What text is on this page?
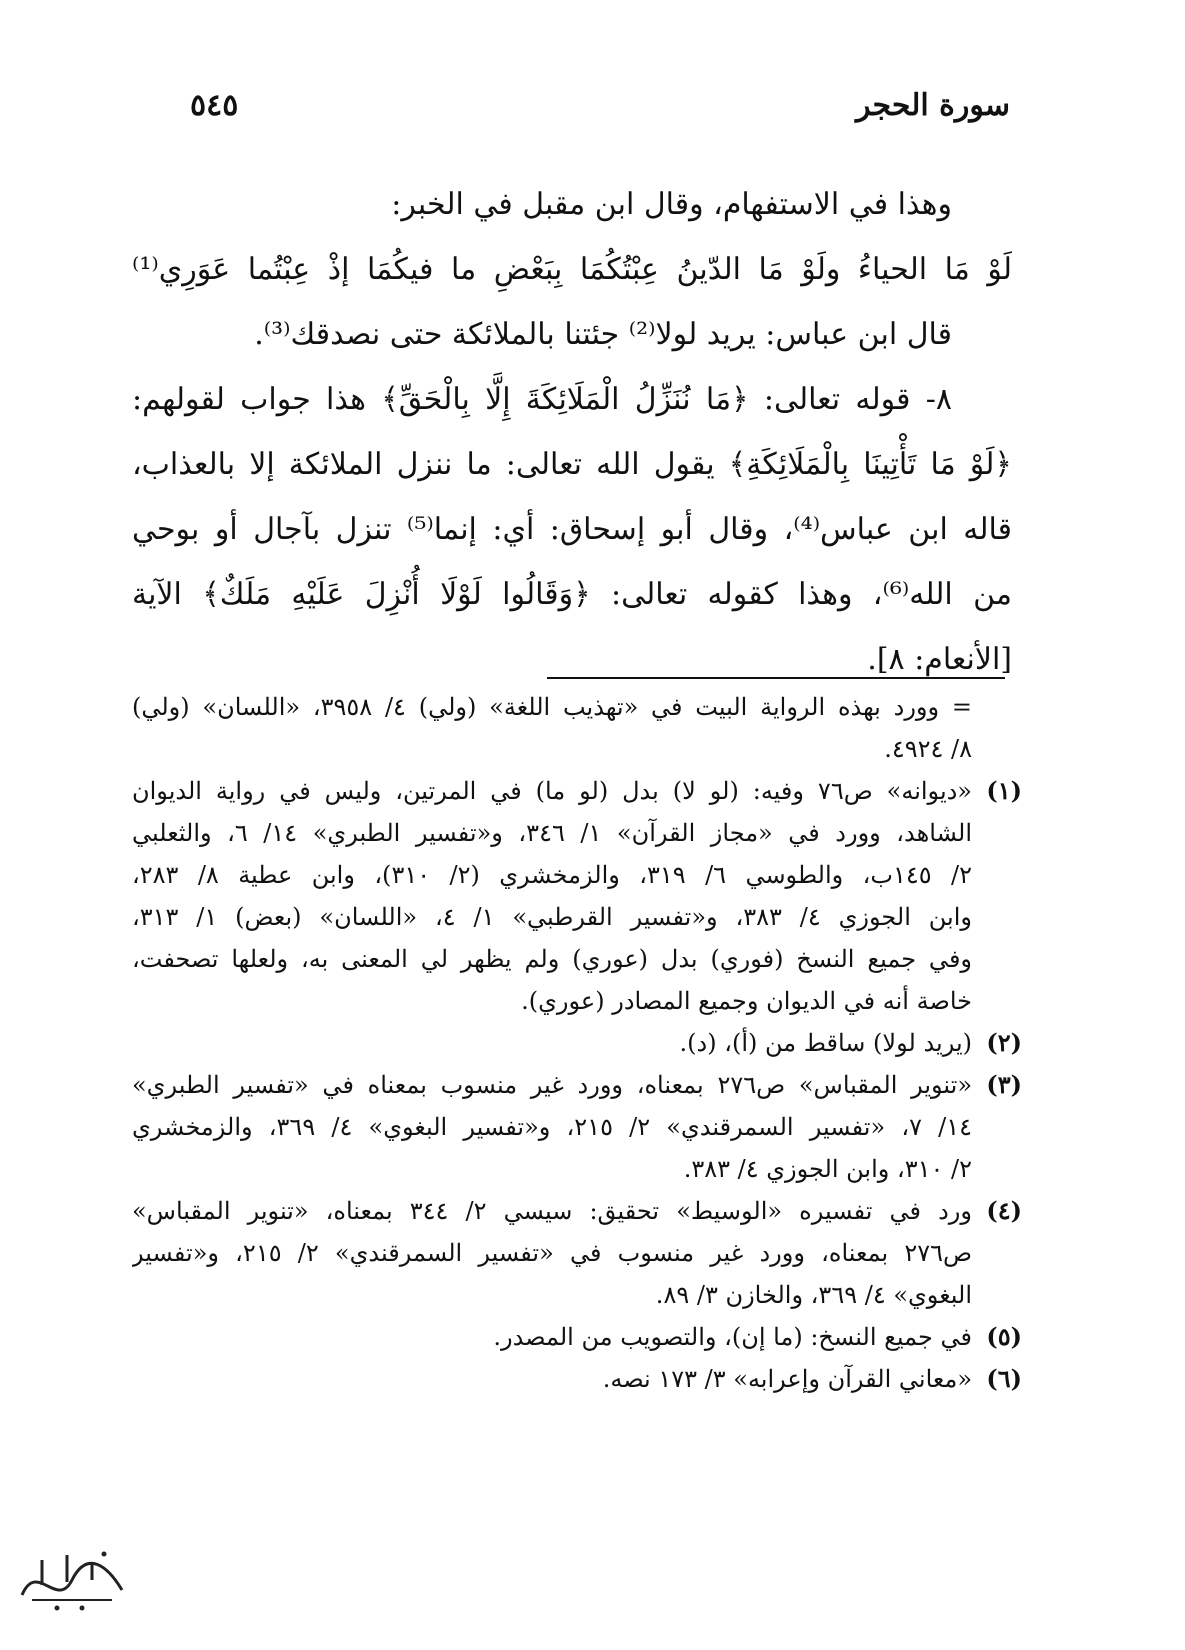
سورة الحجر
٥٤٥
وهذا في الاستفهام، وقال ابن مقبل في الخبر:
لَوْ مَا الحياءُ ولَوْ مَا الدّينُ عِبْتُكُمَا بِبَعْضِ ما فيكُمَا إذْ عِبْتُما عَوَرِي⁽¹⁾
قال ابن عباس: يريد لولا⁽²⁾ جئتنا بالملائكة حتى نصدقك⁽³⁾.
٨- قوله تعالى: ﴿مَا نُنَزِّلُ الْمَلَائِكَةَ إِلَّا بِالْحَقِّ﴾ هذا جواب لقولهم:
﴿لَوْ مَا تَأْتِينَا بِالْمَلَائِكَةِ﴾ يقول الله تعالى: ما ننزل الملائكة إلا بالعذاب،
قاله ابن عباس⁽⁴⁾، وقال أبو إسحاق: أي: إنما⁽⁵⁾ تنزل بآجال أو بوحي
من الله⁽⁶⁾، وهذا كقوله تعالى: ﴿وَقَالُوا لَوْلَا أُنْزِلَ عَلَيْهِ مَلَكٌ﴾ الآية
[الأنعام: ٨].
= وورد بهذه الرواية البيت في «تهذيب اللغة» (ولي) ٤/ ٣٩٥٨، «اللسان» (ولي)
٨/ ٤٩٢٤.
(١)
«ديوانه» ص٧٦ وفيه: (لو لا) بدل (لو ما) في المرتين، وليس في رواية الديوان
الشاهد، وورد في «مجاز القرآن» ١/ ٣٤٦، و«تفسير الطبري» ١٤/ ٦، والثعلبي
٢/ ١٤٥ب، والطوسي ٦/ ٣١٩، والزمخشري (٢/ ٣١٠)، وابن عطية ٨/ ٢٨٣،
وابن الجوزي ٤/ ٣٨٣، و«تفسير القرطبي» ١/ ٤، «اللسان» (بعض) ١/ ٣١٣،
وفي جميع النسخ (فوري) بدل (عوري) ولم يظهر لي المعنى به، ولعلها تصحفت،
خاصة أنه في الديوان وجميع المصادر (عوري).
(٢)
(يريد لولا) ساقط من (أ)، (د).
(٣)
«تنوير المقباس» ص٢٧٦ بمعناه، وورد غير منسوب بمعناه في «تفسير الطبري»
١٤/ ٧، «تفسير السمرقندي» ٢/ ٢١٥، و«تفسير البغوي» ٤/ ٣٦٩، والزمخشري
٢/ ٣١٠، وابن الجوزي ٤/ ٣٨٣.
(٤)
ورد في تفسيره «الوسيط» تحقيق: سيسي ٢/ ٣٤٤ بمعناه، «تنوير المقباس»
ص٢٧٦ بمعناه، وورد غير منسوب في «تفسير السمرقندي» ٢/ ٢١٥، و«تفسير
البغوي» ٤/ ٣٦٩، والخازن ٣/ ٨٩.
(٥)
في جميع النسخ: (ما إن)، والتصويب من المصدر.
(٦)
«معاني القرآن وإعرابه» ٣/ ١٧٣ نصه.
